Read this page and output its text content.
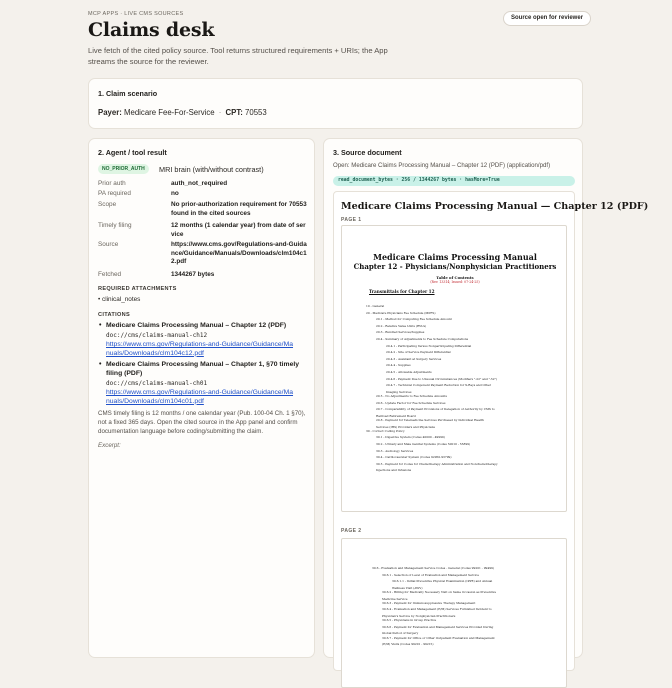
MCP APPS · LIVE CMS SOURCES
Claims desk
Live fetch of the cited policy source. Tool returns structured requirements + URIs; the App streams the source for the reviewer.
Source open for reviewer
1. Claim scenario
Payer: Medicare Fee-For-Service · CPT: 70553
2. Agent / tool result
NO_PRIOR_AUTH	MRI brain (with/without contrast)
Prior auth	auth_not_required
PA required	no
Scope	No prior-authorization requirement for 70553 found in the cited sources
Timely filing	12 months (1 calendar year) from date of service
Source	https://www.cms.gov/Regulations-and-Guidance/Guidance/Manuals/Downloads/clm104c12.pdf
Fetched	1344267 bytes
REQUIRED ATTACHMENTS
• clinical_notes
CITATIONS
• Medicare Claims Processing Manual – Chapter 12 (PDF)
doc://cms/claims-manual-ch12
https://www.cms.gov/Regulations-and-Guidance/Guidance/Manuals/Downloads/clm104c12.pdf
• Medicare Claims Processing Manual – Chapter 1, §70 timely filing (PDF)
doc://cms/claims-manual-ch01
https://www.cms.gov/Regulations-and-Guidance/Guidance/Manuals/Downloads/clm104c01.pdf
CMS timely filing is 12 months / one calendar year (Pub. 100-04 Ch. 1 §70), not a fixed 365 days. Open the cited source in the App panel and confirm documentation language before coding/submitting the claim.
Excerpt:
3. Source document
Open: Medicare Claims Processing Manual – Chapter 12 (PDF) (application/pdf)
read_document_bytes · 256 / 1344267 bytes · hasMore=True
Medicare Claims Processing Manual — Chapter 12 (PDF)
PAGE 1
Medicare Claims Processing Manual
Chapter 12 - Physicians/Nonphysician Practitioners
Table of Contents
(Rev. 13314; Issued: 07-24-25)
Transmittals for Chapter 12
10 - General
20 - Medicare Physicians Fee Schedule (MPFS)
20.1 - Method for Computing Fee Schedule Amount
20.2 - Relative Value Units (RVUs)
20.3 - Bundled Services/Supplies
20.4 - Summary of Adjustments to Fee Schedule Computations
20.4.1 - Participating Versus Nonparticipating Differential
20.4.2 - Site of Service Payment Differential
20.4.3 - Assistant at Surgery Services
20.4.4 - Supplies
20.4.5 - Allowable Adjustments
20.4.6 - Payment Due to Unusual Circumstances (Modifiers "-22" and "-52")
20.4.7 - Technical Component Payment Reduction for X-Rays and Other
Imaging Services
20.5 - No Adjustments to Fee Schedule Amounts
20.6 - Update Factor for Fee Schedule Services
20.7 - Comparability of Payment Provisions of Delegation of Authority by CMS to
Railroad Retirement Board
20.8 - Payment for Telemedicine Services Purchased by Individual Health
Services (IHS) Providers and Physicians
30 - Correct Coding Policy
30.1 - Digestive System (Codes 40000 - 49999)
30.2 - Urinary and Male Genital Systems (Codes 50010 - 55899)
30.3 - Audiology Services
30.4 - Cardiovascular System (Codes 92950-93799)
30.5 - Payment for Codes for Chemotherapy Administration and Nonchemotherapy
Injections and Infusions
PAGE 2
30.6 - Evaluation and Management Service Codes - General (Codes 99201 - 99499)
30.6.1 - Selection of Level of Evaluation and Management Service
30.6.1.1 - Initial Preventive Physical Examination (IPPE) and Annual
Wellness Visit (AWV)
30.6.2 - Billing for Medically Necessary Visit on Same Occasion as Preventive
Medicine Service
30.6.3 - Payment for Immunosuppressive Therapy Management
30.6.4 - Evaluation and Management (E/M) Services Furnished Incident to
Physician's Service by Nonphysician Practitioners
30.6.5 - Physicians in Group Practice
30.6.6 - Payment for Evaluation and Management Services Provided During
Global Period of Surgery
30.6.7 - Payment for Office or Other Outpatient Evaluation and Management
(E/M) Visits (Codes 99201 - 99215)
